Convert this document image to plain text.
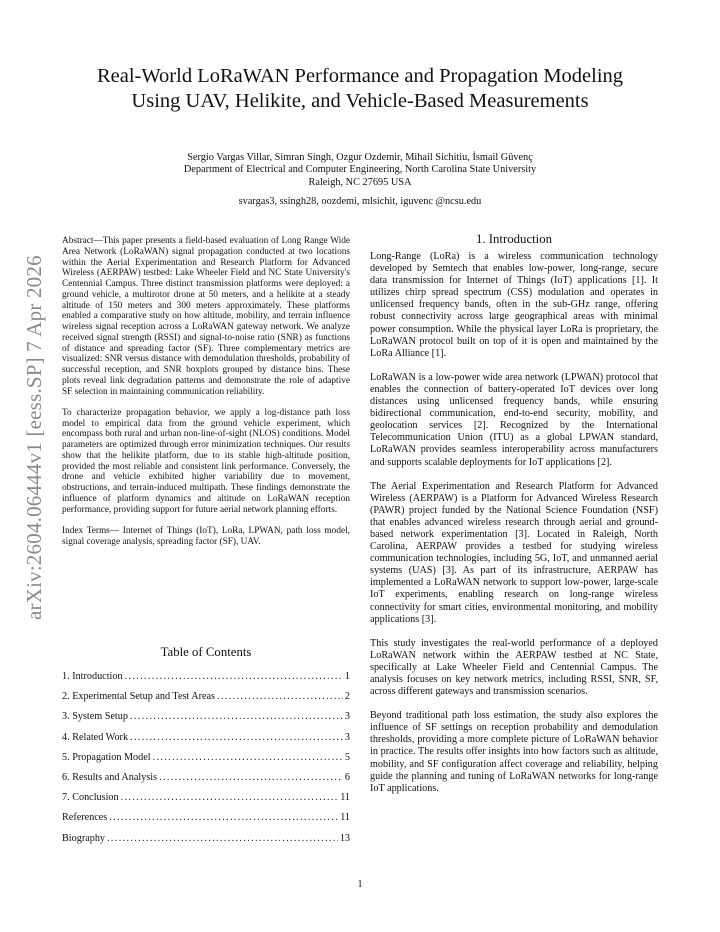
arXiv:2604.06444v1 [eess.SP] 7 Apr 2026
Real-World LoRaWAN Performance and Propagation Modeling Using UAV, Helikite, and Vehicle-Based Measurements
Sergio Vargas Villar, Simran Singh, Ozgur Ozdemir, Mihail Sichitiu, İsmail Güvenç
Department of Electrical and Computer Engineering, North Carolina State University
Raleigh, NC 27695 USA
svargas3, ssingh28, oozdemi, mlsichit, iguvenc @ncsu.edu

Abstract—This paper presents a field-based evaluation of Long Range Wide Area Network (LoRaWAN) signal propagation conducted at two locations within the Aerial Experimentation and Research Platform for Advanced Wireless (AERPAW) testbed: Lake Wheeler Field and NC State University's Centennial Campus. Three distinct transmission platforms were deployed: a ground vehicle, a multirotor drone at 50 meters, and a helikite at a steady altitude of 150 meters and 300 meters approximately. These platforms enabled a comparative study on how altitude, mobility, and terrain influence wireless signal reception across a LoRaWAN gateway network. We analyze received signal strength (RSSI) and signal-to-noise ratio (SNR) as functions of distance and spreading factor (SF). Three complementary metrics are visualized: SNR versus distance with demodulation thresholds, probability of successful reception, and SNR boxplots grouped by distance bins. These plots reveal link degradation patterns and demonstrate the role of adaptive SF selection in maintaining communication reliability.

To characterize propagation behavior, we apply a log-distance path loss model to empirical data from the ground vehicle experiment, which encompass both rural and urban non-line-of-sight (NLOS) conditions. Model parameters are optimized through error minimization techniques. Our results show that the helikite platform, due to its stable high-altitude position, provided the most reliable and consistent link performance. Conversely, the drone and vehicle exhibited higher variability due to movement, obstructions, and terrain-induced multipath. These findings demonstrate the influence of platform dynamics and altitude on LoRaWAN reception performance, providing support for future aerial network planning efforts.

Index Terms— Internet of Things (IoT), LoRa, LPWAN, path loss model, signal coverage analysis, spreading factor (SF), UAV.

Table of Contents
1. Introduction . . .	1
2. Experimental Setup and Test Areas . . .	2
3. System Setup . . .	3
4. Related Work . . .	3
5. Propagation Model . . .	5
6. Results and Analysis . . .	6
7. Conclusion . . .	11
References . . .	11
Biography . . .	13
1. Introduction

Long-Range (LoRa) is a wireless communication technology developed by Semtech that enables low-power, long-range, secure data transmission for Internet of Things (IoT) applications [1]. It utilizes chirp spread spectrum (CSS) modulation and operates in unlicensed frequency bands, often in the sub-GHz range, offering robust connectivity across large geographical areas with minimal power consumption. While the physical layer LoRa is proprietary, the LoRaWAN protocol built on top of it is open and maintained by the LoRa Alliance [1].

LoRaWAN is a low-power wide area network (LPWAN) protocol that enables the connection of battery-operated IoT devices over long distances using unlicensed frequency bands, while ensuring bidirectional communication, end-to-end security, mobility, and geolocation services [2]. Recognized by the International Telecommunication Union (ITU) as a global LPWAN standard, LoRaWAN provides seamless interoperability across manufacturers and supports scalable deployments for IoT applications [2].

The Aerial Experimentation and Research Platform for Advanced Wireless (AERPAW) is a Platform for Advanced Wireless Research (PAWR) project funded by the National Science Foundation (NSF) that enables advanced wireless research through aerial and ground-based network experimentation [3]. Located in Raleigh, North Carolina, AERPAW provides a testbed for studying wireless communication technologies, including 5G, IoT, and unmanned aerial systems (UAS) [3]. As part of its infrastructure, AERPAW has implemented a LoRaWAN network to support low-power, large-scale IoT experiments, enabling research on long-range wireless connectivity for smart cities, environmental monitoring, and mobility applications [3].

This study investigates the real-world performance of a deployed LoRaWAN network within the AERPAW testbed at NC State, specifically at Lake Wheeler Field and Centennial Campus. The analysis focuses on key network metrics, including RSSI, SNR, SF, across different gateways and transmission scenarios.

Beyond traditional path loss estimation, the study also explores the influence of SF settings on reception probability and demodulation thresholds, providing a more complete picture of LoRaWAN behavior in practice. The results offer insights into how factors such as altitude, mobility, and SF configuration affect coverage and reliability, helping guide the planning and tuning of LoRaWAN networks for long-range IoT applications.

1
